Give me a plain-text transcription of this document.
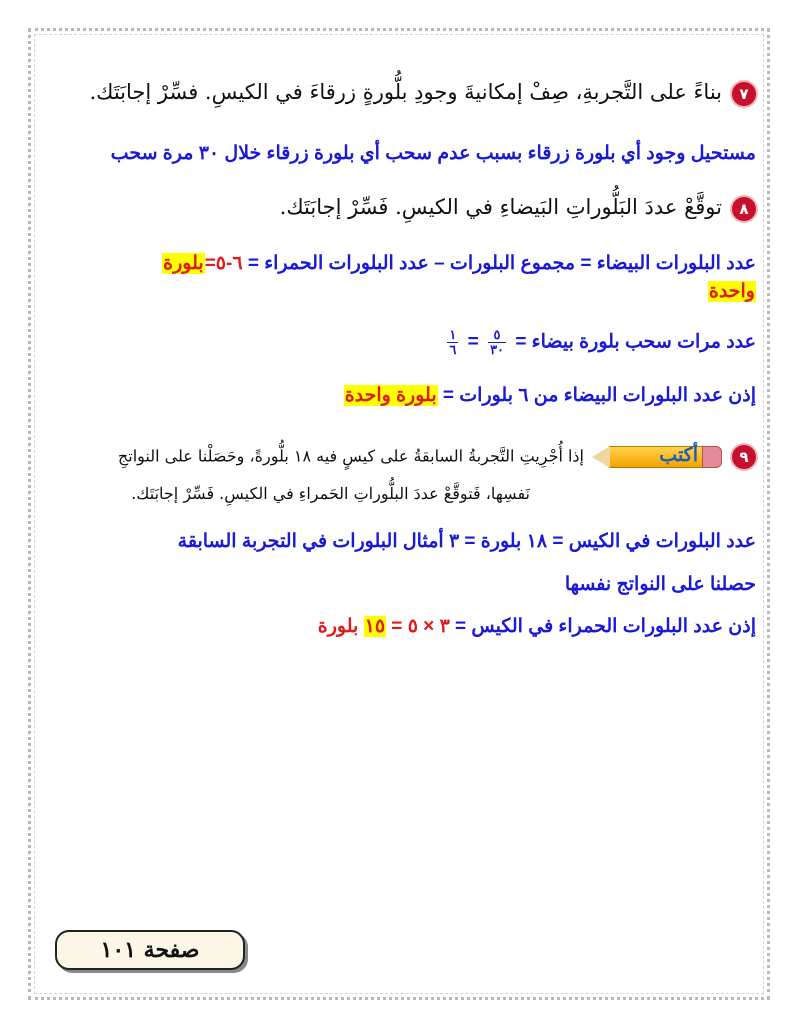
٧بناءً على التَّجربةِ، صِفْ إمكانيةَ وجودِ بلُّورةٍ زرقاءَ في الكيسِ. فسِّرْ إجابَتَك.
مستحيل وجود أي بلورة زرقاء بسبب عدم سحب أي بلورة زرقاء خلال ٣٠ مرة سحب
٨توقَّعْ عددَ البَلُّوراتِ البَيضاءِ في الكيسِ. فَسِّرْ إجابَتَك.
عدد البلورات البيضاء = مجموع البلورات – عدد البلورات الحمراء = ٦-٥=بلورة
واحدة
عدد مرات سحب بلورة بيضاء =
$\frac{٥}{٣٠}$
=
$\frac{١}{٦}$
إذن عدد البلورات البيضاء من ٦ بلورات = بلورة واحدة
٩
أكتب
إذا أُجْرِيتِ التَّجربةُ السابقةُ على كيسٍ فيه ١٨ بلُّورةً، وحَصَلْنا على النواتجِ
نَفسِها، فَتوقَّعْ عددَ البلُّوراتِ الحَمراءِ في الكيسِ. فَسِّرْ إجابَتَك.
عدد البلورات في الكيس = ١٨ بلورة = ٣ أمثال البلورات في التجربة السابقة
حصلنا على النواتج نفسها
إذن عدد البلورات الحمراء في الكيس = ٣ × ٥ = ١٥ بلورة
صفحة ١٠١
